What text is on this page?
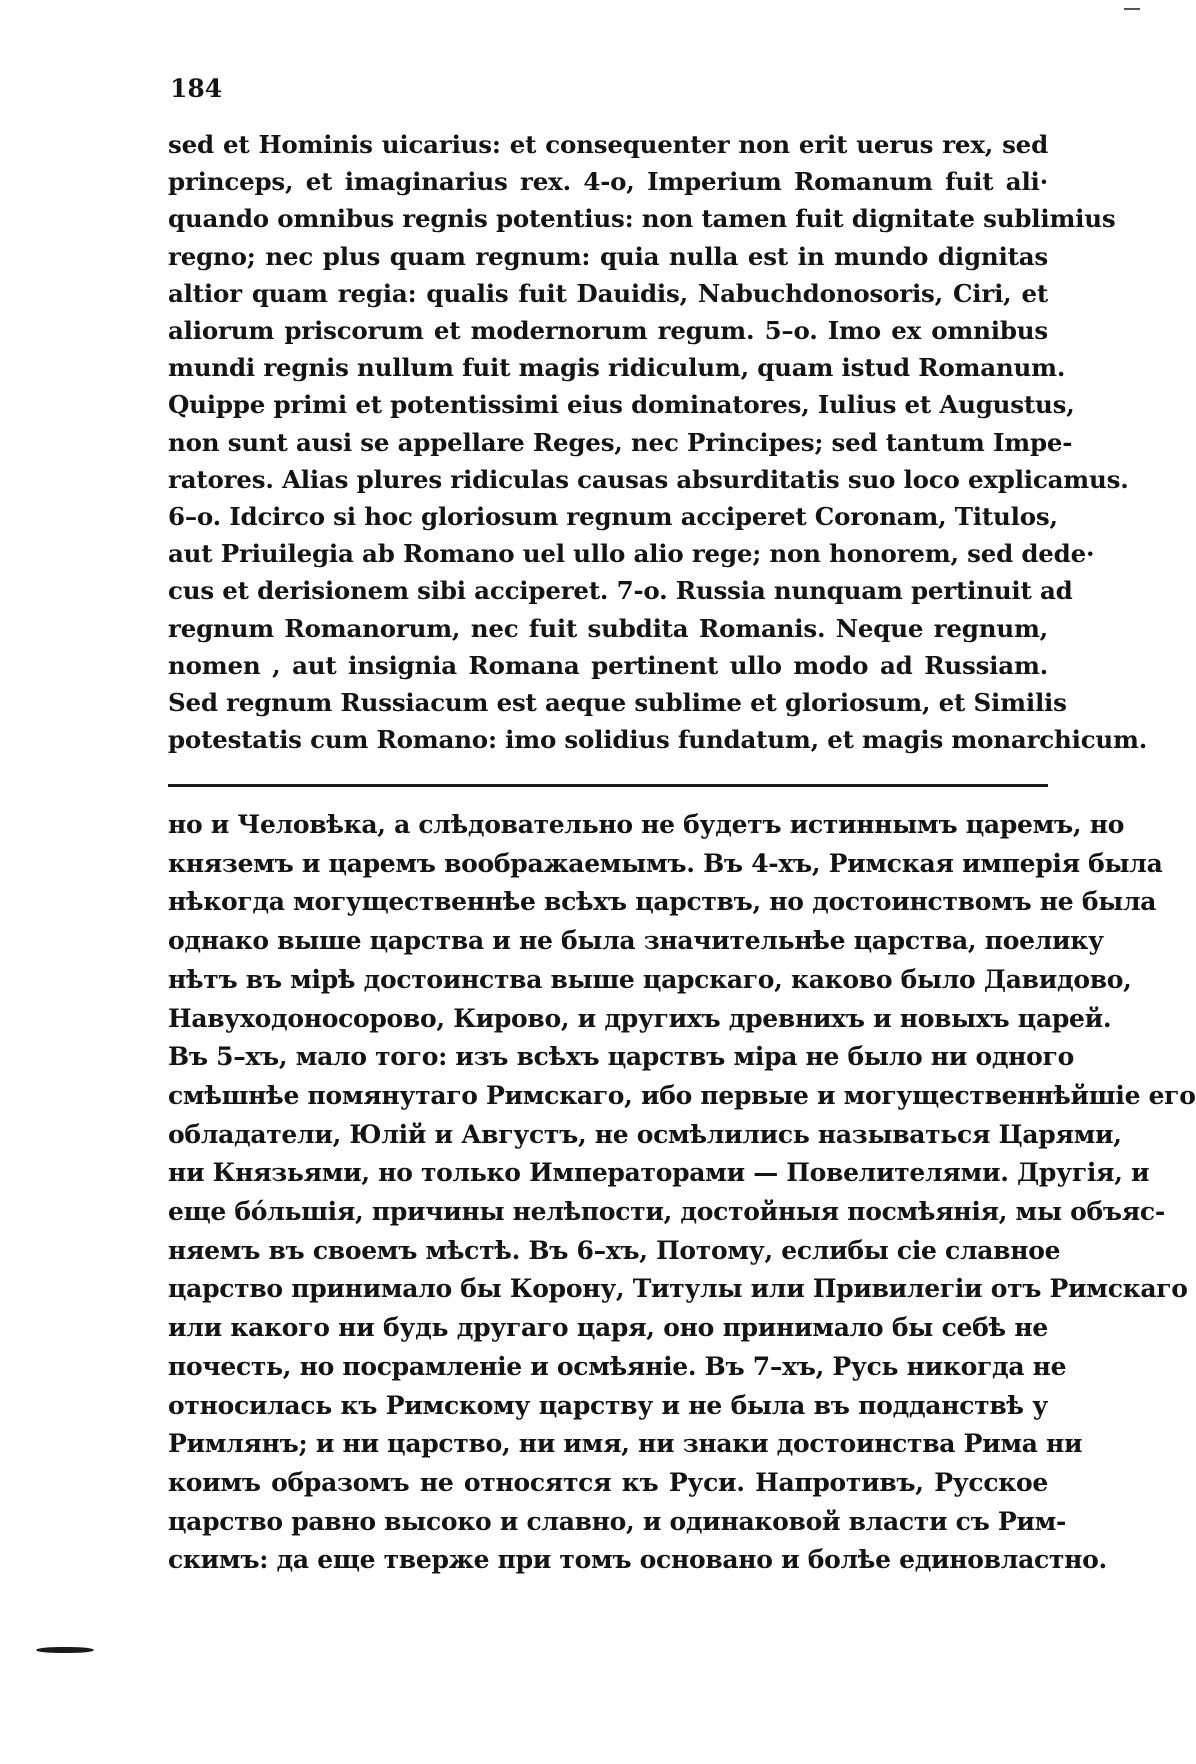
184
sed et Hominis uicarius: et consequenter non erit uerus rex, sed
princeps, et imaginarius rex. 4-o, Imperium Romanum fuit ali·
quando omnibus regnis potentius: non tamen fuit dignitate sublimius
regno; nec plus quam regnum: quia nulla est in mundo dignitas
altior quam regia: qualis fuit Dauidis, Nabuchdonosoris, Ciri, et
aliorum priscorum et modernorum regum. 5–o. Imo ex omnibus
mundi regnis nullum fuit magis ridiculum, quam istud Romanum.
Quippe primi et potentissimi eius dominatores, Iulius et Augustus,
non sunt ausi se appellare Reges, nec Principes; sed tantum Impe-
ratores. Alias plures ridiculas causas absurditatis suo loco explicamus.
6–o. Idcirco si hoc gloriosum regnum acciperet Coronam, Titulos,
aut Priuilegia ab Romano uel ullo alio rege; non honorem, sed dede·
cus et derisionem sibi acciperet. 7-o. Russia nunquam pertinuit ad
regnum Romanorum, nec fuit subdita Romanis. Neque regnum,
nomen , aut insignia Romana pertinent ullo modo ad Russiam.
Sed regnum Russiacum est aeque sublime et gloriosum, et Similis
potestatis cum Romano: imo solidius fundatum, et magis monarchicum.
но и Человѣка, а слѣдовательно не будетъ истиннымъ царемъ, но
княземъ и царемъ воображаемымъ. Въ 4-хъ, Римская имперія была
нѣкогда могущественнѣе всѣхъ царствъ, но достоинствомъ не была
однако выше царства и не была значительнѣе царства, поелику
нѣтъ въ мірѣ достоинства выше царскаго, каково было Давидово,
Навуходоносорово, Кирово, и другихъ древнихъ и новыхъ царей.
Въ 5–хъ, мало того: изъ всѣхъ царствъ міра не было ни одного
смѣшнѣе помянутаго Римскаго, ибо первые и могущественнѣйшіе его
обладатели, Юлій и Августъ, не осмѣлились называться Царями,
ни Князьями, но только Императорами — Повелителями. Другія, и
еще бо́льшія, причины нелѣпости, достойныя посмѣянія, мы объяс-
няемъ въ своемъ мѣстѣ. Въ 6–хъ, Потому, еслибы сіе славное
царство принимало бы Корону, Титулы или Привилегіи отъ Римскаго
или какого ни будь другаго царя, оно принимало бы себѣ не
почесть, но посрамленіе и осмѣяніе. Въ 7–хъ, Русь никогда не
относилась къ Римскому царству и не была въ подданствѣ у
Римлянъ; и ни царство, ни имя, ни знаки достоинства Рима ни
коимъ образомъ не относятся къ Руси. Напротивъ, Русское
царство равно высоко и славно, и одинаковой власти съ Рим-
скимъ: да еще тверже при томъ основано и болѣе единовластно.
